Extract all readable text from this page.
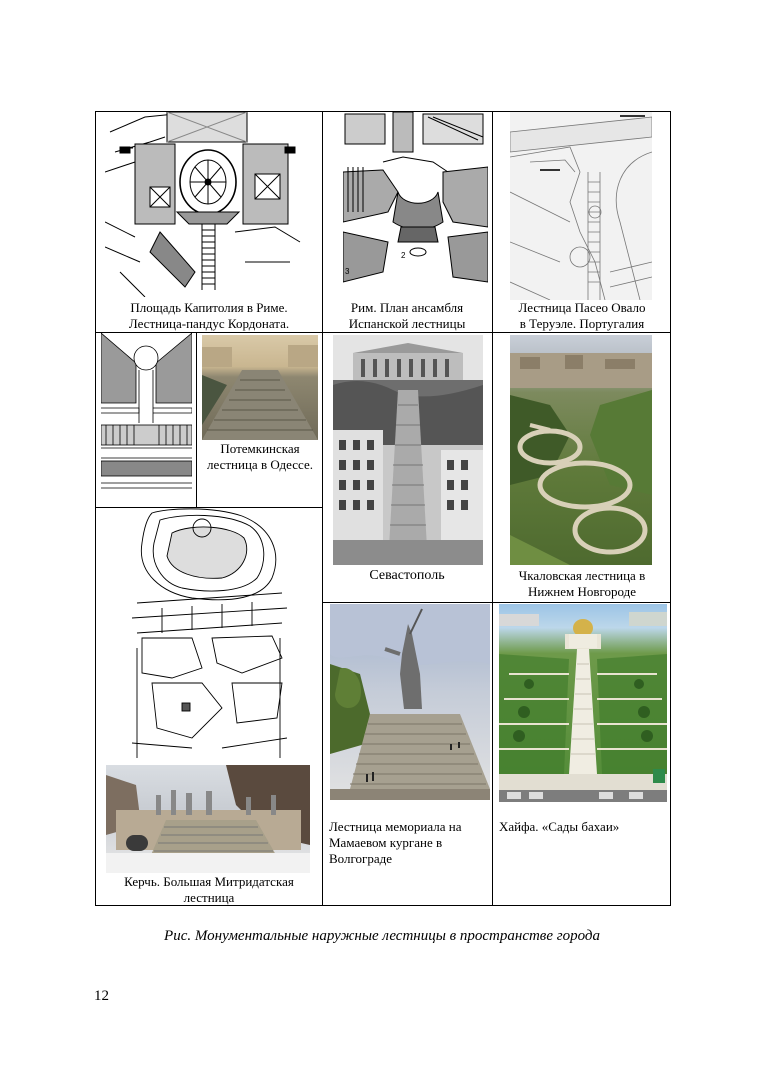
Площадь Капитолия в Риме.
Лестница-пандус Кордоната.
3
2
Рим. План ансамбля
Испанской лестницы
Лестница Пасео Овало
в Теруэле. Португалия
Потемкинская
лестница в Одессе.
Севастополь	Чкаловская лестница в
Нижнем Новгороде
Керчь. Большая Митридатская
лестница
Лестница мемориала на
Мамаевом кургане в
Волгограде
Хайфа. «Сады бахаи»
Рис. Монументальные наружные лестницы в пространстве города
12
